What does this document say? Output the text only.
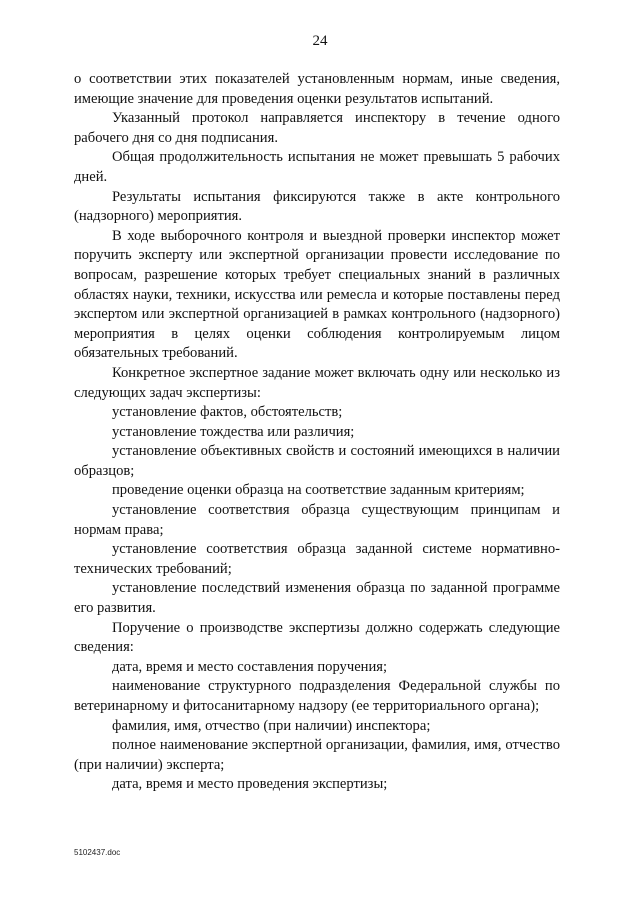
24

о соответствии этих показателей установленным нормам, иные сведения, имеющие значение для проведения оценки результатов испытаний.

Указанный протокол направляется инспектору в течение одного рабочего дня со дня подписания.

Общая продолжительность испытания не может превышать 5 рабочих дней.

Результаты испытания фиксируются также в акте контрольного (надзорного) мероприятия.

В ходе выборочного контроля и выездной проверки инспектор может поручить эксперту или экспертной организации провести исследование по вопросам, разрешение которых требует специальных знаний в различных областях науки, техники, искусства или ремесла и которые поставлены перед экспертом или экспертной организацией в рамках контрольного (надзорного) мероприятия в целях оценки соблюдения контролируемым лицом обязательных требований.

Конкретное экспертное задание может включать одну или несколько из следующих задач экспертизы:

установление фактов, обстоятельств;

установление тождества или различия;

установление объективных свойств и состояний имеющихся в наличии образцов;

проведение оценки образца на соответствие заданным критериям;

установление соответствия образца существующим принципам и нормам права;

установление соответствия образца заданной системе нормативно-технических требований;

установление последствий изменения образца по заданной программе его развития.

Поручение о производстве экспертизы должно содержать следующие сведения:

дата, время и место составления поручения;

наименование структурного подразделения Федеральной службы по ветеринарному и фитосанитарному надзору (ее территориального органа);

фамилия, имя, отчество (при наличии) инспектора;

полное наименование экспертной организации, фамилия, имя, отчество (при наличии) эксперта;

дата, время и место проведения экспертизы;

5102437.doc
